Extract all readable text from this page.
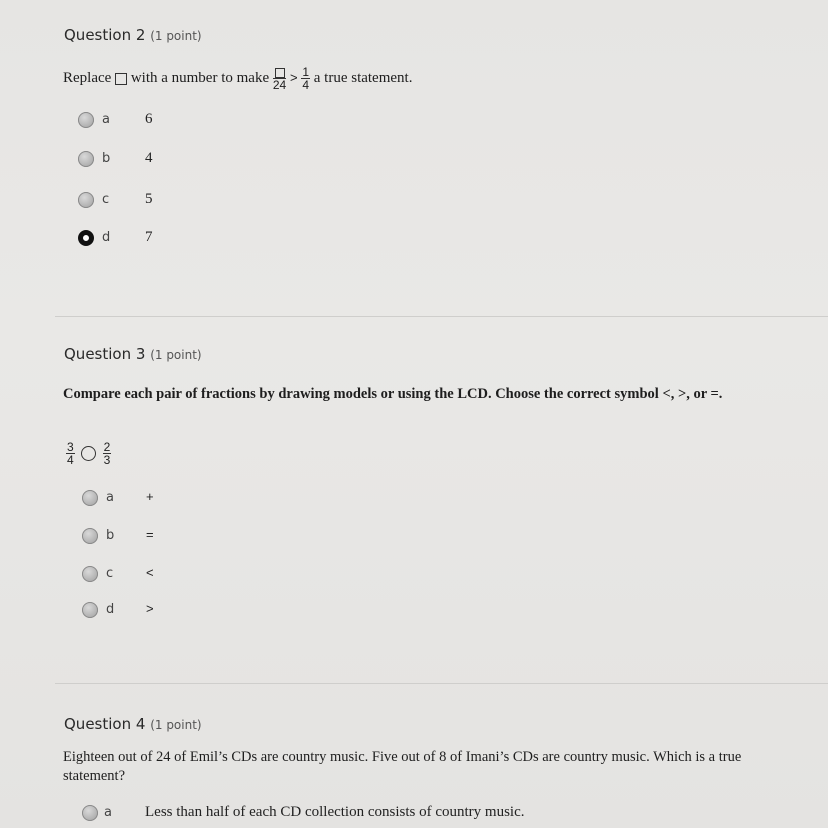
Question 2 (1 point)
Replace with a number to make 24
> $\frac{1}{4}$ a true statement.
a 6
b 4
c 5
d 7
Question 3 (1 point)
Compare each pair of fractions by drawing models or using the LCD. Choose the correct symbol <, >, or =.
$\frac{3}{4}$
$\frac{2}{3}$
a +
b =
c	<
d >
Question 4 (1 point)
Eighteen out of 24 of Emil’s CDs are country music. Five out of 8 of Imani’s CDs are country music. Which is a true
statement?
a Less than half of each CD collection consists of country music.
